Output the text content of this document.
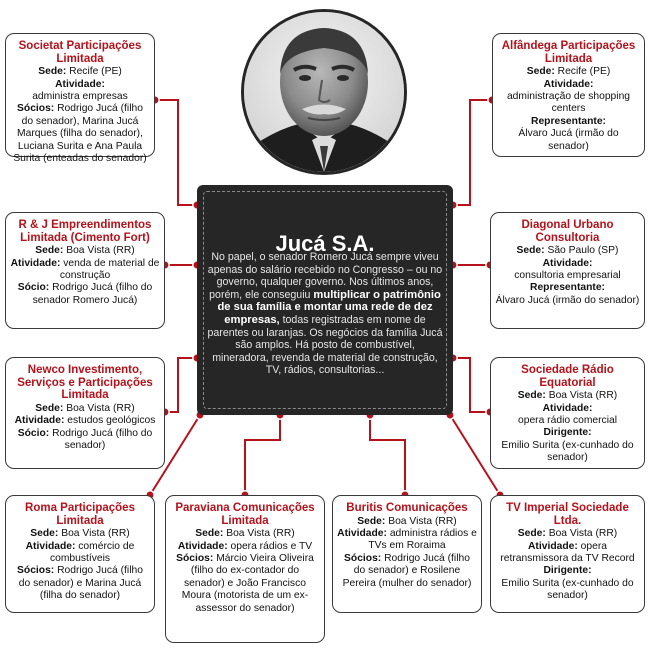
Jucá S.A.
No papel, o senador Romero Jucá sempre viveu apenas do salário recebido no Congresso – ou no governo, qualquer governo. Nos últimos anos, porém, ele conseguiu multiplicar o patrimônio de sua família e montar uma rede de dez empresas, todas registradas em nome de parentes ou laranjas. Os negócios da família Jucá são amplos. Há posto de combustível, mineradora, revenda de material de construção, TV, rádios, consultorias...
Societat Participações Limitada
Sede: Recife (PE)
Atividade:
administra empresas
Sócios: Rodrigo Jucá (filho do senador), Marina Jucá Marques (filha do senador), Luciana Surita e Ana Paula Surita (enteadas do senador)
Alfândega Participações Limitada
Sede: Recife (PE)
Atividade:
administração de shopping centers
Representante:
Álvaro Jucá (irmão do senador)
R & J Empreendimentos Limitada (Cimento Fort)
Sede: Boa Vista (RR)
Atividade: venda de material de construção
Sócio: Rodrigo Jucá (filho do senador Romero Jucá)
Diagonal Urbano Consultoria
Sede: São Paulo (SP)
Atividade:
consultoria empresarial
Representante:
Álvaro Jucá (irmão do senador)
Newco Investimento, Serviços e Participações Limitada
Sede: Boa Vista (RR)
Atividade: estudos geológicos
Sócio: Rodrigo Jucá (filho do senador)
Sociedade Rádio Equatorial
Sede: Boa Vista (RR)
Atividade:
opera rádio comercial
Dirigente:
Emilio Surita (ex-cunhado do senador)
Roma Participações Limitada
Sede: Boa Vista (RR)
Atividade: comércio de combustíveis
Sócios: Rodrigo Jucá (filho do senador) e Marina Jucá (filha do senador)
Paraviana Comunicações Limitada
Sede: Boa Vista (RR)
Atividade: opera rádios e TV
Sócios: Márcio Vieira Oliveira (filho do ex-contador do senador) e João Francisco Moura (motorista de um ex-assessor do senador)
Buritis Comunicações
Sede: Boa Vista (RR)
Atividade: administra rádios e TVs em Roraima
Sócios: Rodrigo Jucá (filho do senador) e Rosilene Pereira (mulher do senador)
TV Imperial Sociedade Ltda.
Sede: Boa Vista (RR)
Atividade: opera retransmissora da TV Record
Dirigente:
Emilio Surita (ex-cunhado do senador)
